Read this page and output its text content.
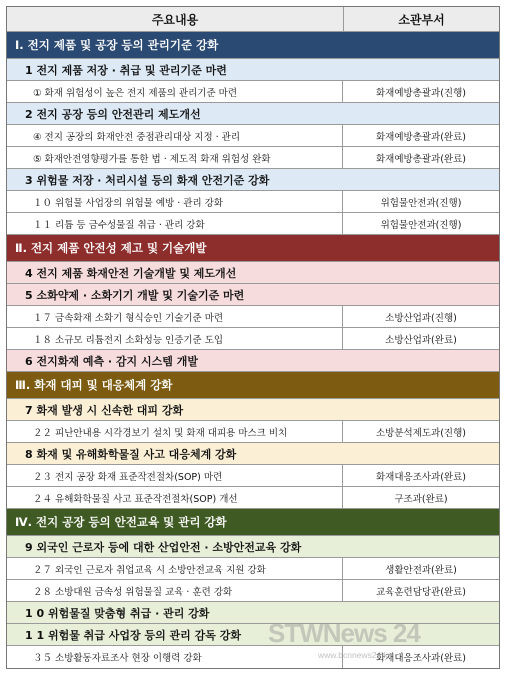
주요내용	소관부서
Ⅰ. 전지 제품 및 공장 등의 관리기준 강화
1 전지 제품 저장 · 취급 및 관리기준 마련
① 화재 위험성이 높은 전지 제품의 관리기준 마련	화재예방총괄과(진행)
2 전지 공장 등의 안전관리 제도개선
④ 전지 공장의 화재안전 중점관리대상 지정 · 관리	화재예방총괄과(완료)
⑤ 화재안전영향평가를 통한 법 · 제도적 화재 위험성 완화	화재예방총괄과(완료)
3 위험물 저장 · 처리시설 등의 화재 안전기준 강화
１０ 위험물 사업장의 위험물 예방 · 관리 강화	위험물안전과(진행)
１１ 리튬 등 금수성물질 취급 · 관리 강화	위험물안전과(진행)
Ⅱ. 전지 제품 안전성 제고 및 기술개발
4 전지 제품 화재안전 기술개발 및 제도개선
5 소화약제 · 소화기기 개발 및 기술기준 마련
１７ 금속화재 소화기 형식승인 기술기준 마련	소방산업과(진행)
１８ 소규모 리튬전지 소화성능 인증기준 도입	소방산업과(완료)
6 전지화재 예측 · 감지 시스템 개발
Ⅲ. 화재 대피 및 대응체계 강화
7 화재 발생 시 신속한 대피 강화
２２ 피난안내용 시각경보기 설치 및 화재 대피용 마스크 비치	소방분석제도과(진행)
8 화재 및 유해화학물질 사고 대응체계 강화
２３ 전지 공장 화재 표준작전절차(SOP) 마련	화재대응조사과(완료)
２４ 유해화학물질 사고 표준작전절차(SOP) 개선	구조과(완료)
Ⅳ. 전지 공장 등의 안전교육 및 관리 강화
9 외국인 근로자 등에 대한 산업안전 · 소방안전교육 강화
２７ 외국인 근로자 취업교육 시 소방안전교육 지원 강화	생활안전과(완료)
２８ 소방대원 금속성 위험물질 교육 · 훈련 강화	교육훈련담당관(완료)
1 0 위험물질 맞춤형 취급 · 관리 강화
1 1 위험물 취급 사업장 등의 관리 감독 강화
３５ 소방활동자료조사 현장 이행력 강화	화재대응조사과(완료)
STWNews 24
www.bcnnews24.kr
